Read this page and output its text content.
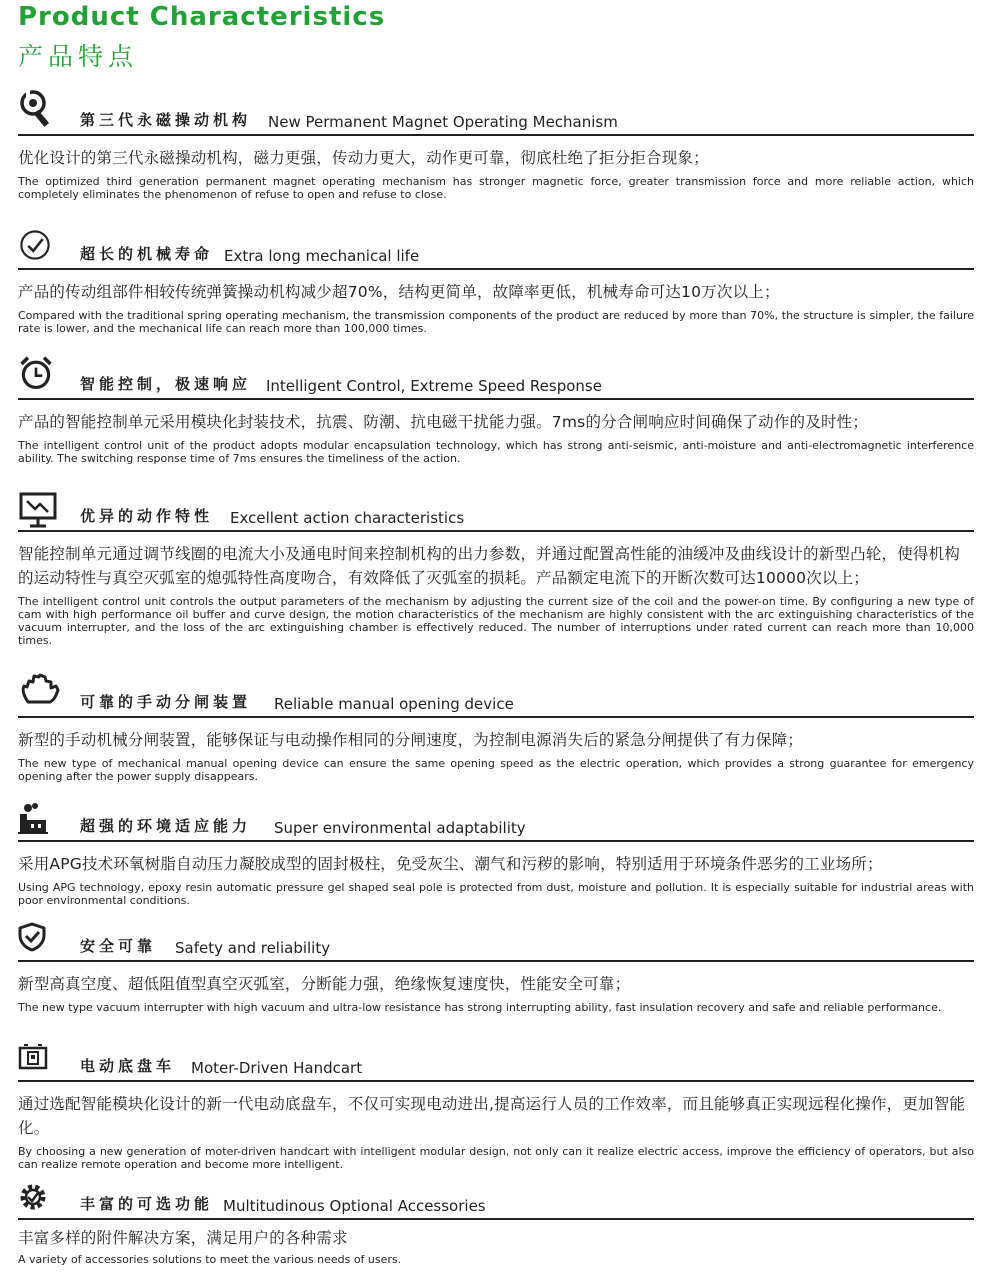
Product Characteristics
产品特点
第三代永磁操动机构 New Permanent Magnet Operating Mechanism
优化设计的第三代永磁操动机构，磁力更强，传动力更大，动作更可靠，彻底杜绝了拒分拒合现象；
The optimized third generation permanent magnet operating mechanism has stronger magnetic force, greater transmission force and more reliable action, which completely eliminates the phenomenon of refuse to open and refuse to close.
超长的机械寿命 Extra long mechanical life
产品的传动组部件相较传统弹簧操动机构减少超70%，结构更简单，故障率更低，机械寿命可达10万次以上；
Compared with the traditional spring operating mechanism, the transmission components of the product are reduced by more than 70%, the structure is simpler, the failure rate is lower, and the mechanical life can reach more than 100,000 times.
智能控制，极速响应 Intelligent Control, Extreme Speed Response
产品的智能控制单元采用模块化封装技术，抗震、防潮、抗电磁干扰能力强。7ms的分合闸响应时间确保了动作的及时性；
The intelligent control unit of the product adopts modular encapsulation technology, which has strong anti-seismic, anti-moisture and anti-electromagnetic interference ability. The switching response time of 7ms ensures the timeliness of the action.
优异的动作特性 Excellent action characteristics
智能控制单元通过调节线圈的电流大小及通电时间来控制机构的出力参数，并通过配置高性能的油缓冲及曲线设计的新型凸轮，使得机构的运动特性与真空灭弧室的熄弧特性高度吻合，有效降低了灭弧室的损耗。产品额定电流下的开断次数可达10000次以上；
The intelligent control unit controls the output parameters of the mechanism by adjusting the current size of the coil and the power-on time. By configuring a new type of cam with high performance oil buffer and curve design, the motion characteristics of the mechanism are highly consistent with the arc extinguishing characteristics of the vacuum interrupter, and the loss of the arc extinguishing chamber is effectively reduced. The number of interruptions under rated current can reach more than 10,000 times.
可靠的手动分闸装置 Reliable manual opening device
新型的手动机械分闸装置，能够保证与电动操作相同的分闸速度，为控制电源消失后的紧急分闸提供了有力保障；
The new type of mechanical manual opening device can ensure the same opening speed as the electric operation, which provides a strong guarantee for emergency opening after the power supply disappears.
超强的环境适应能力 Super environmental adaptability
采用APG技术环氧树脂自动压力凝胶成型的固封极柱，免受灰尘、潮气和污秽的影响，特别适用于环境条件恶劣的工业场所；
Using APG technology, epoxy resin automatic pressure gel shaped seal pole is protected from dust, moisture and pollution. It is especially suitable for industrial areas with poor environmental conditions.
安全可靠 Safety and reliability
新型高真空度、超低阻值型真空灭弧室，分断能力强，绝缘恢复速度快，性能安全可靠；
The new type vacuum interrupter with high vacuum and ultra-low resistance has strong interrupting ability, fast insulation recovery and safe and reliable performance.
电动底盘车 Moter-Driven Handcart
通过选配智能模块化设计的新一代电动底盘车，不仅可实现电动进出,提高运行人员的工作效率，而且能够真正实现远程化操作，更加智能化。
By choosing a new generation of moter-driven handcart with intelligent modular design, not only can it realize electric access, improve the efficiency of operators, but also can realize remote operation and become more intelligent.
丰富的可选功能 Multitudinous Optional Accessories
丰富多样的附件解决方案，满足用户的各种需求
A variety of accessories solutions to meet the various needs of users.
